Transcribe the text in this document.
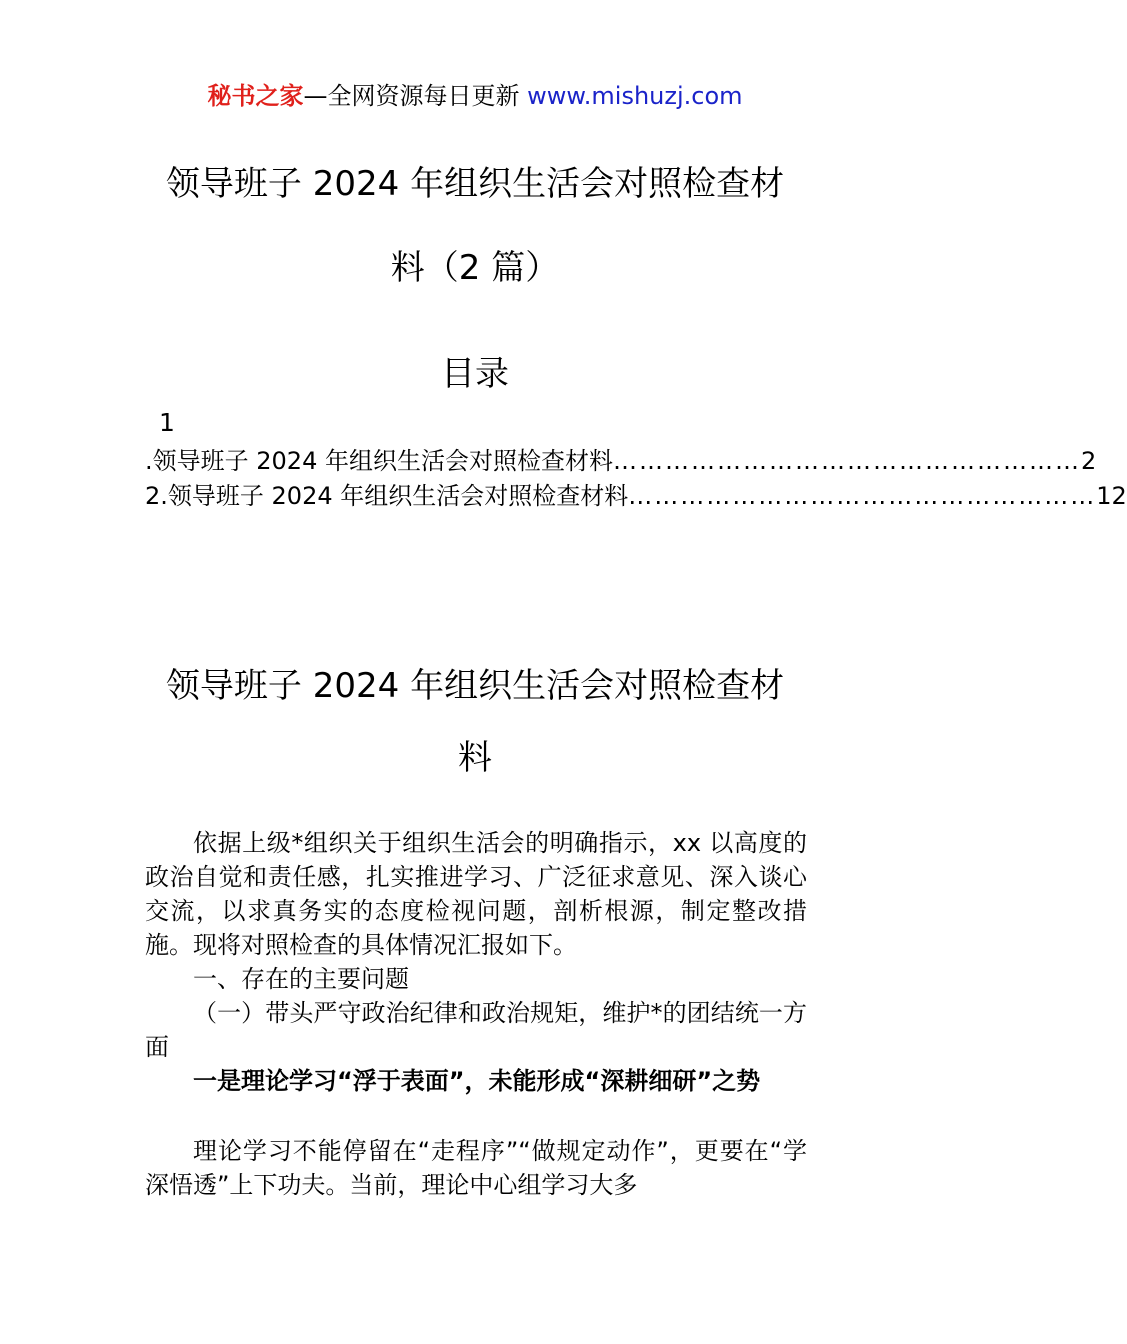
秘书之家—全网资源每日更新 www.mishuzj.com
领导班子 2024 年组织生活会对照检查材
料（2 篇）
目录
1
.领导班子 2024 年组织生活会对照检查材料 ……………………………………………… 2
2.领导班子 2024 年组织生活会对照检查材料 ……………………………………………… 12
领导班子 2024 年组织生活会对照检查材
料
依据上级*组织关于组织生活会的明确指示，xx 以高度的政治自觉和责任感，扎实推进学习、广泛征求意见、深入谈心交流，以求真务实的态度检视问题，剖析根源，制定整改措施。现将对照检查的具体情况汇报如下。
一、存在的主要问题
（一）带头严守政治纪律和政治规矩，维护*的团结统一方面
一是理论学习“浮于表面”，未能形成“深耕细研”之势
理论学习不能停留在“走程序”“做规定动作”，更要在“学深悟透”上下功夫。当前，理论中心组学习大多
